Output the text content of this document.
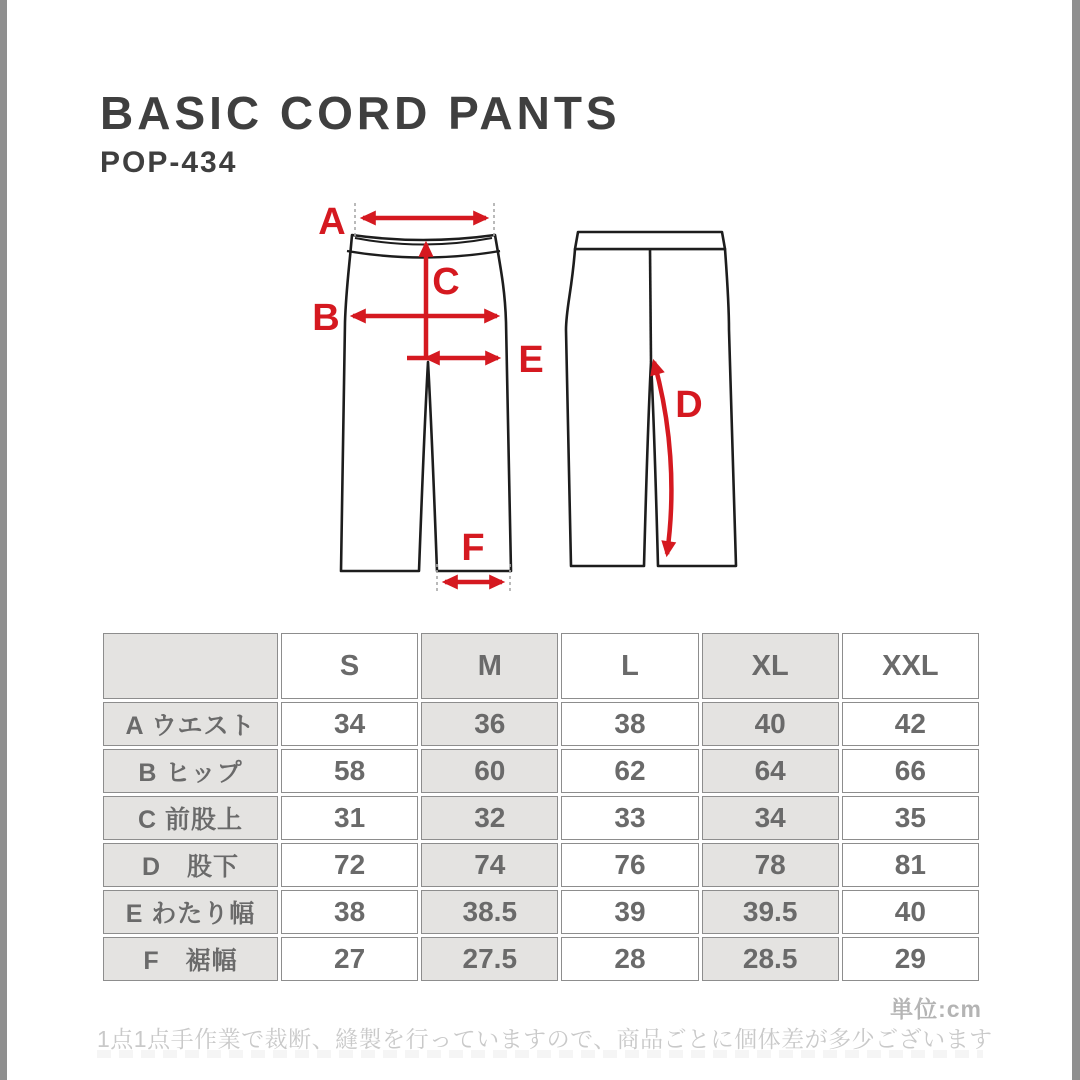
BASIC CORD PANTS
POP-434
A
B
C
D
E
F
	S	M	L	XL	XXL
A ウエスト	34	36	38	40	42
B ヒップ	58	60	62	64	66
C 前股上	31	32	33	34	35
D　股下	72	74	76	78	81
E わたり幅	38	38.5	39	39.5	40
F　裾幅	27	27.5	28	28.5	29
単位:cm
1点1点手作業で裁断、縫製を行っていますので、商品ごとに個体差が多少ございます
